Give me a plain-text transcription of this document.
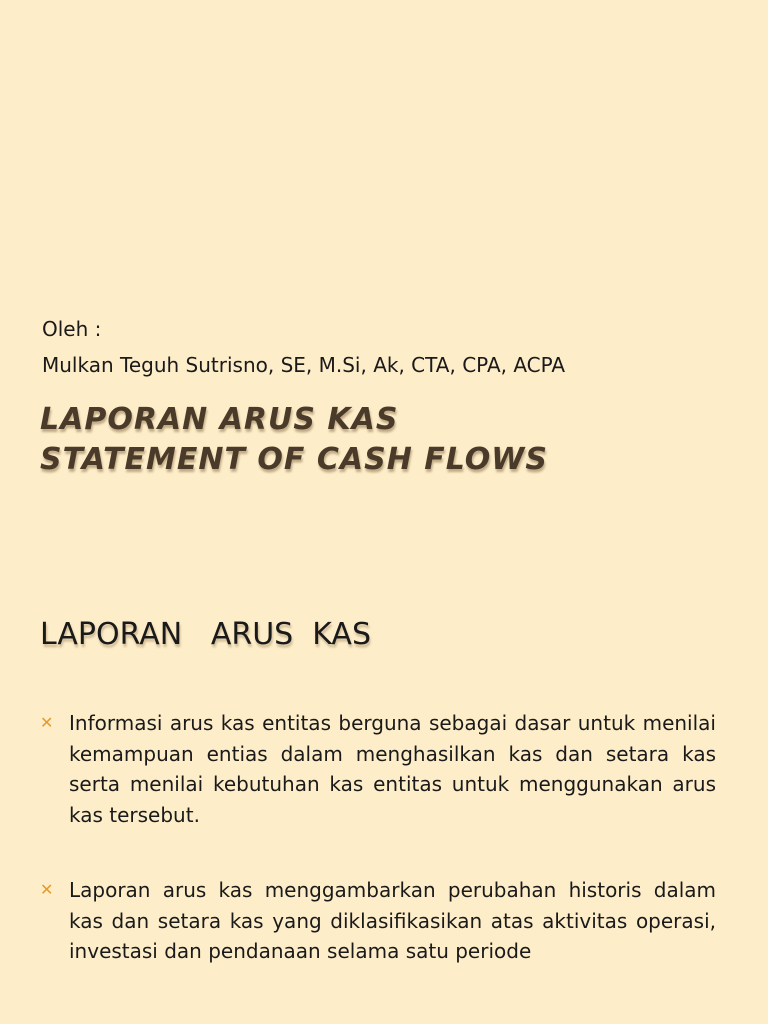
Oleh :
Mulkan Teguh Sutrisno, SE, M.Si, Ak, CTA, CPA, ACPA
LAPORAN ARUS KAS
STATEMENT OF CASH FLOWS
LAPORAN   ARUS  KAS
✕ Informasi arus kas entitas berguna sebagai dasar untuk menilai kemampuan entias dalam menghasilkan kas dan setara kas serta menilai kebutuhan kas entitas untuk menggunakan arus kas tersebut.
✕ Laporan arus kas menggambarkan perubahan historis dalam kas dan setara kas yang diklasifikasikan atas aktivitas operasi, investasi dan pendanaan selama satu periode
